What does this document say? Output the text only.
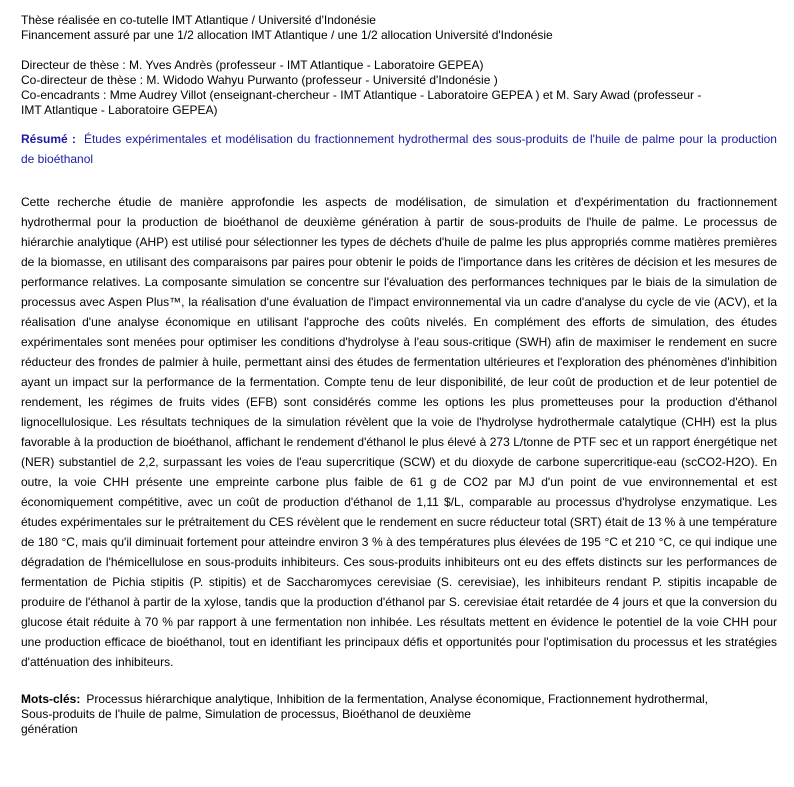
Thèse réalisée en co-tutelle IMT Atlantique / Université d'Indonésie
Financement assuré par une 1/2 allocation IMT Atlantique / une 1/2 allocation Université d'Indonésie
Directeur de thèse : M. Yves Andrès (professeur - IMT Atlantique - Laboratoire GEPEA)
Co-directeur de thèse : M. Widodo Wahyu Purwanto (professeur - Université d'Indonésie )
Co-encadrants : Mme Audrey Villot (enseignant-chercheur - IMT Atlantique - Laboratoire GEPEA ) et M. Sary Awad (professeur -
IMT Atlantique - Laboratoire GEPEA)
Résumé : Études expérimentales et modélisation du fractionnement hydrothermal des sous-produits de l'huile de palme pour la production de bioéthanol

Cette recherche étudie de manière approfondie les aspects de modélisation, de simulation et d'expérimentation du fractionnement hydrothermal pour la production de bioéthanol de deuxième génération à partir de sous-produits de l'huile de palme. Le processus de hiérarchie analytique (AHP) est utilisé pour sélectionner les types de déchets d'huile de palme les plus appropriés comme matières premières de la biomasse, en utilisant des comparaisons par paires pour obtenir le poids de l'importance dans les critères de décision et les mesures de performance relatives. La composante simulation se concentre sur l'évaluation des performances techniques par le biais de la simulation de processus avec Aspen Plus™, la réalisation d'une évaluation de l'impact environnemental via un cadre d'analyse du cycle de vie (ACV), et la réalisation d'une analyse économique en utilisant l'approche des coûts nivelés. En complément des efforts de simulation, des études expérimentales sont menées pour optimiser les conditions d'hydrolyse à l'eau sous-critique (SWH) afin de maximiser le rendement en sucre réducteur des frondes de palmier à huile, permettant ainsi des études de fermentation ultérieures et l'exploration des phénomènes d'inhibition ayant un impact sur la performance de la fermentation. Compte tenu de leur disponibilité, de leur coût de production et de leur potentiel de rendement, les régimes de fruits vides (EFB) sont considérés comme les options les plus prometteuses pour la production d'éthanol lignocellulosique. Les résultats techniques de la simulation révèlent que la voie de l'hydrolyse hydrothermale catalytique (CHH) est la plus favorable à la production de bioéthanol, affichant le rendement d'éthanol le plus élevé à 273 L/tonne de PTF sec et un rapport énergétique net (NER) substantiel de 2,2, surpassant les voies de l'eau supercritique (SCW) et du dioxyde de carbone supercritique-eau (scCO2-H2O). En outre, la voie CHH présente une empreinte carbone plus faible de 61 g de CO2 par MJ d'un point de vue environnemental et est économiquement compétitive, avec un coût de production d'éthanol de 1,11 $/L, comparable au processus d'hydrolyse enzymatique. Les études expérimentales sur le prétraitement du CES révèlent que le rendement en sucre réducteur total (SRT) était de 13 % à une température de 180 °C, mais qu'il diminuait fortement pour atteindre environ 3 % à des températures plus élevées de 195 °C et 210 °C, ce qui indique une dégradation de l'hémicellulose en sous-produits inhibiteurs. Ces sous-produits inhibiteurs ont eu des effets distincts sur les performances de fermentation de Pichia stipitis (P. stipitis) et de Saccharomyces cerevisiae (S. cerevisiae), les inhibiteurs rendant P. stipitis incapable de produire de l'éthanol à partir de la xylose, tandis que la production d'éthanol par S. cerevisiae était retardée de 4 jours et que la conversion du glucose était réduite à 70 % par rapport à une fermentation non inhibée. Les résultats mettent en évidence le potentiel de la voie CHH pour une production efficace de bioéthanol, tout en identifiant les principaux défis et opportunités pour l'optimisation du processus et les stratégies d'atténuation des inhibiteurs.

Mots-clés: Processus hiérarchique analytique, Inhibition de la fermentation, Analyse économique, Fractionnement hydrothermal,
Sous-produits de l'huile de palme, Simulation de processus, Bioéthanol de deuxième
génération
